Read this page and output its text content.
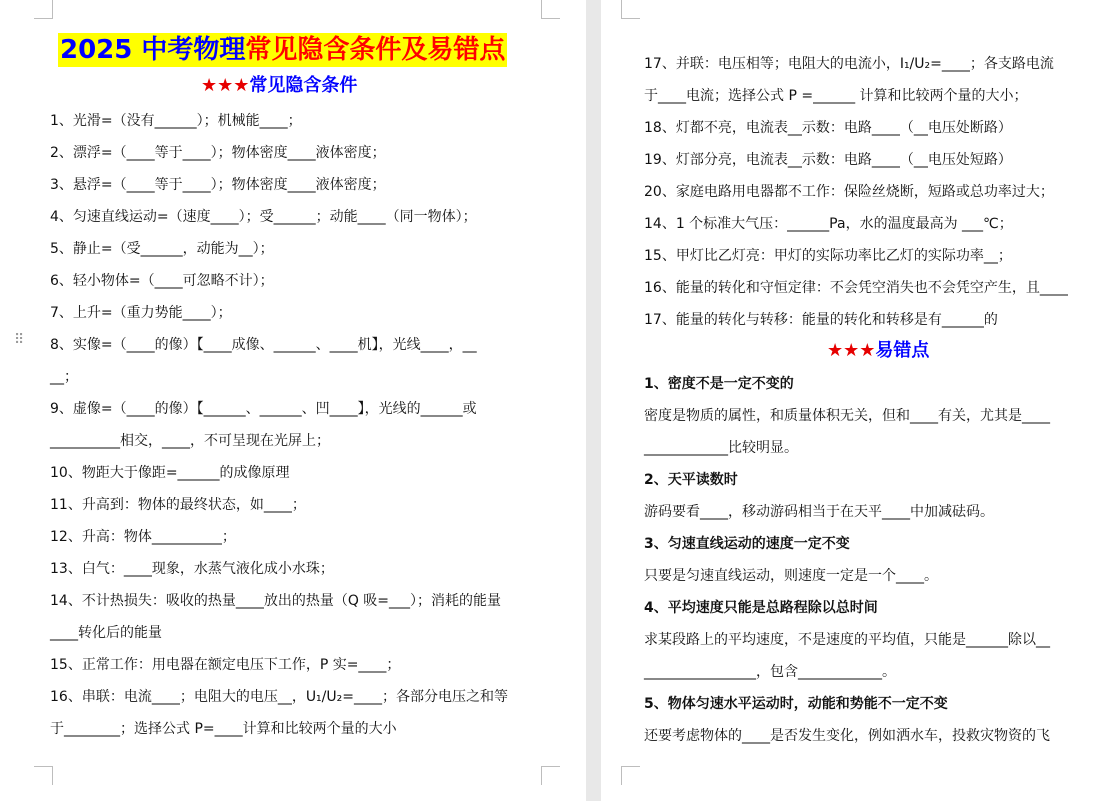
⠿
2025 中考物理常见隐含条件及易错点
★★★常见隐含条件
1、光滑=（没有______）；机械能____；
2、漂浮=（____等于____）；物体密度____液体密度；
3、悬浮=（____等于____）；物体密度____液体密度；
4、匀速直线运动=（速度____）；受______；动能____（同一物体）；
5、静止=（受______，动能为__）；
6、轻小物体=（____可忽略不计）；
7、上升=（重力势能____）；
8、实像=（____的像）【____成像、______、____机】，光线____，__
__；
9、虚像=（____的像）【______、______、凹____】，光线的______或
__________相交，____，不可呈现在光屏上；
10、物距大于像距=______的成像原理
11、升高到：物体的最终状态，如____；
12、升高：物体__________；
13、白气：____现象，水蒸气液化成小水珠；
14、不计热损失：吸收的热量____放出的热量（Q 吸=___）；消耗的能量
____转化后的能量
15、正常工作：用电器在额定电压下工作，P 实=____；
16、串联：电流____；电阻大的电压__，U₁/U₂=____；各部分电压之和等
于________；选择公式 P=____计算和比较两个量的大小
17、并联：电压相等；电阻大的电流小，I₁/U₂=____；各支路电流
于____电流；选择公式 P =______ 计算和比较两个量的大小；
18、灯都不亮，电流表__示数：电路____（__电压处断路）
19、灯部分亮，电流表__示数：电路____（__电压处短路）
20、家庭电路用电器都不工作：保险丝烧断，短路或总功率过大；
14、1 个标准大气压：______Pa，水的温度最高为 ___℃；
15、甲灯比乙灯亮：甲灯的实际功率比乙灯的实际功率__；
16、能量的转化和守恒定律：不会凭空消失也不会凭空产生，且____
17、能量的转化与转移：能量的转化和转移是有______的
★★★易错点
1、密度不是一定不变的
密度是物质的属性，和质量体积无关，但和____有关，尤其是____
____________比较明显。
2、天平读数时
游码要看____，移动游码相当于在天平____中加减砝码。
3、匀速直线运动的速度一定不变
只要是匀速直线运动，则速度一定是一个____。
4、平均速度只能是总路程除以总时间
求某段路上的平均速度，不是速度的平均值，只能是______除以__
________________，包含____________。
5、物体匀速水平运动时，动能和势能不一定不变
还要考虑物体的____是否发生变化，例如洒水车，投救灾物资的飞
